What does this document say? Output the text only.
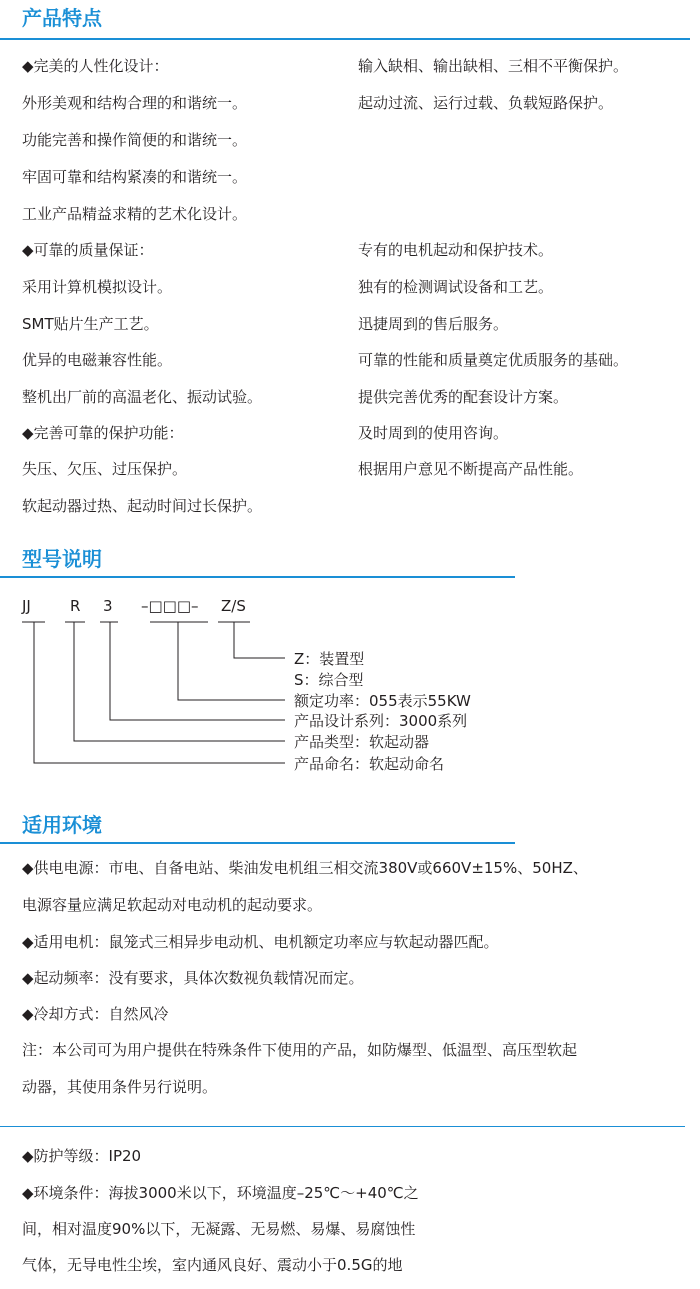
产品特点
◆完美的人性化设计：
外形美观和结构合理的和谐统一。
功能完善和操作简便的和谐统一。
牢固可靠和结构紧凑的和谐统一。
工业产品精益求精的艺术化设计。
◆可靠的质量保证：
采用计算机模拟设计。
SMT贴片生产工艺。
优异的电磁兼容性能。
整机出厂前的高温老化、振动试验。
◆完善可靠的保护功能：
失压、欠压、过压保护。
软起动器过热、起动时间过长保护。
输入缺相、输出缺相、三相不平衡保护。
起动过流、运行过载、负载短路保护。
专有的电机起动和保护技术。
独有的检测调试设备和工艺。
迅捷周到的售后服务。
可靠的性能和质量奠定优质服务的基础。
提供完善优秀的配套设计方案。
及时周到的使用咨询。
根据用户意见不断提高产品性能。
型号说明
JJ	R 3 –□□□– Z/S
Z：装置型
S：综合型
额定功率：055表示55KW
产品设计系列：3000系列
产品类型：软起动器
产品命名：软起动命名
适用环境
◆供电电源：市电、自备电站、柴油发电机组三相交流380V或660V±15%、50HZ、
电源容量应满足软起动对电动机的起动要求。
◆适用电机：鼠笼式三相异步电动机、电机额定功率应与软起动器匹配。
◆起动频率：没有要求，具体次数视负载情况而定。
◆冷却方式：自然风冷
注：本公司可为用户提供在特殊条件下使用的产品，如防爆型、低温型、高压型软起
动器，其使用条件另行说明。
◆防护等级：IP20
◆环境条件：海拔3000米以下，环境温度–25℃～+40℃之
间，相对温度90%以下，无凝露、无易燃、易爆、易腐蚀性
气体，无导电性尘埃，室内通风良好、震动小于0.5G的地
